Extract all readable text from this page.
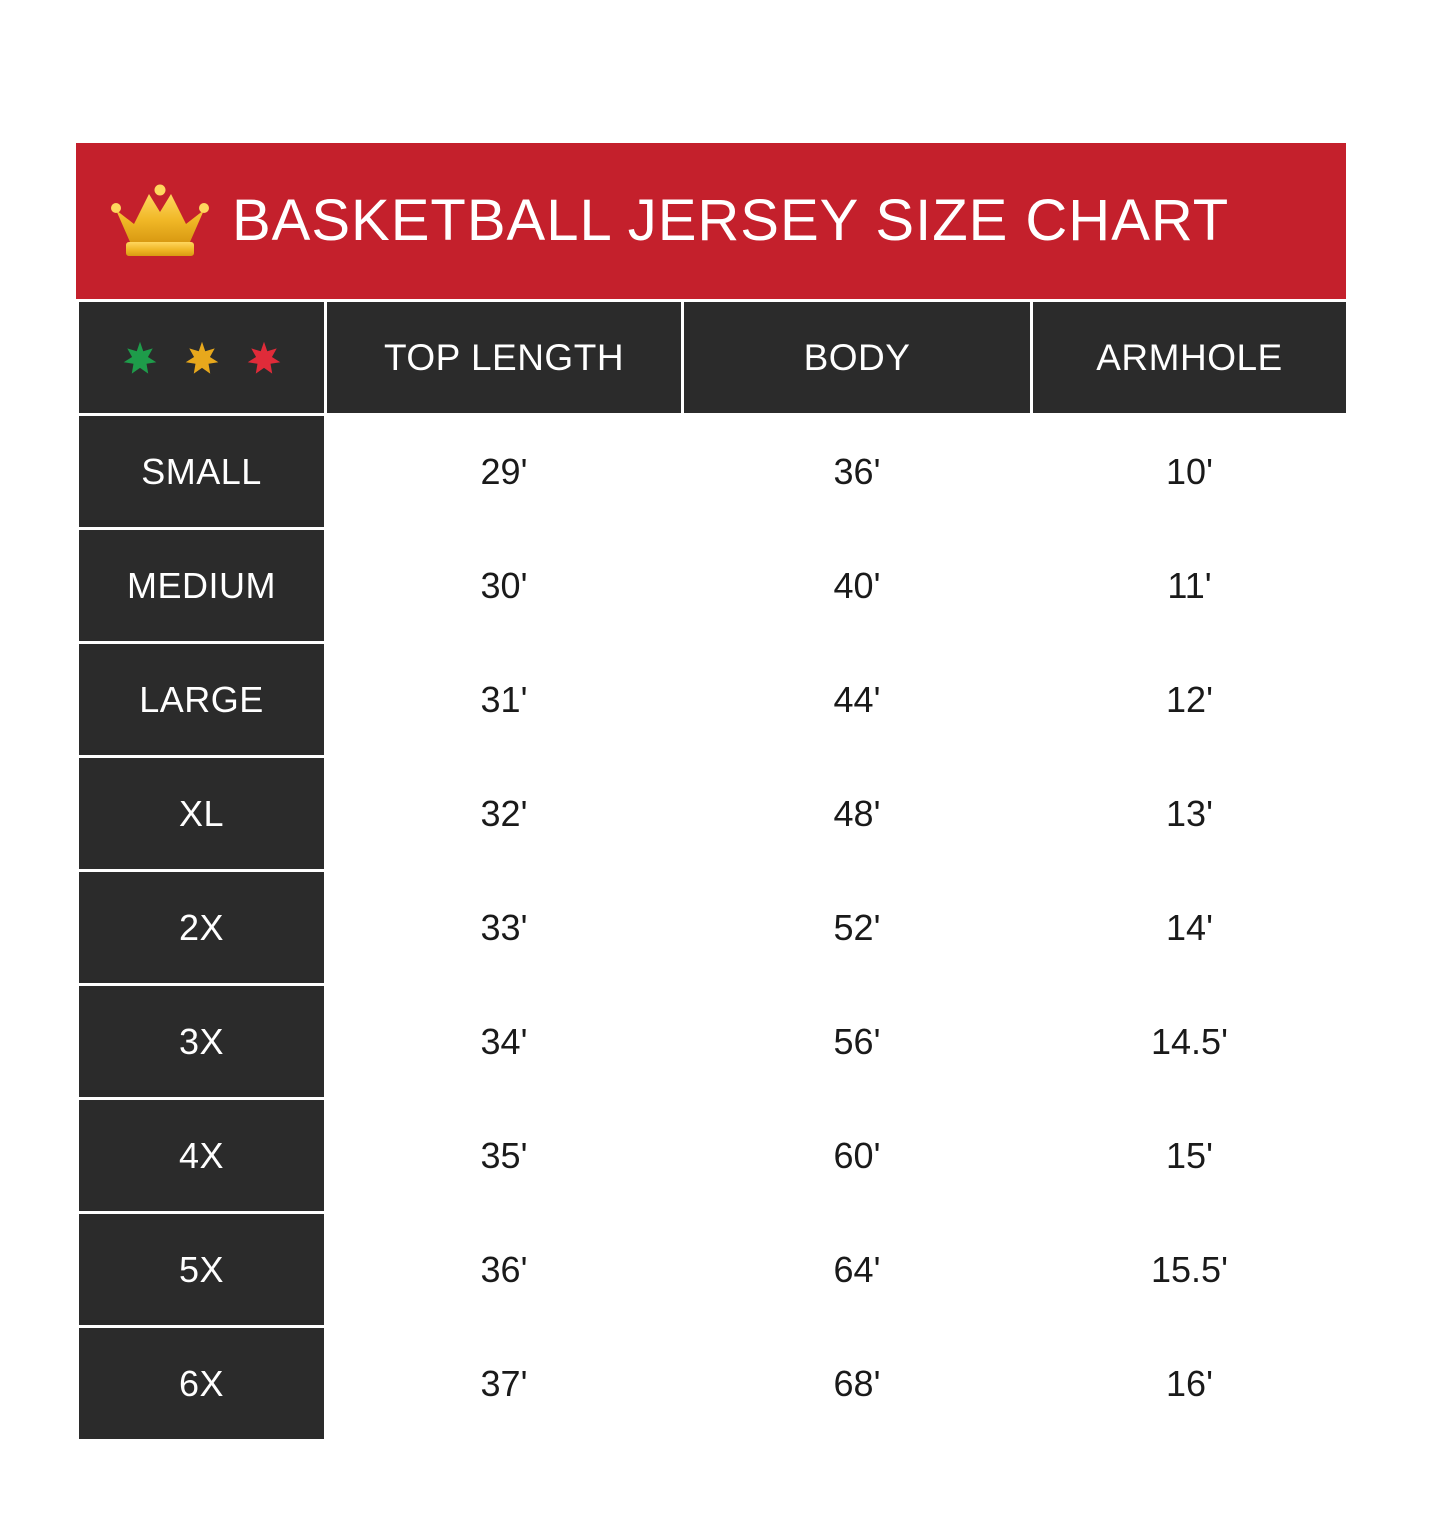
BASKETBALL JERSEY SIZE CHART
	TOP LENGTH	BODY	ARMHOLE
SMALL	29'	36'	10'
MEDIUM	30'	40'	11'
LARGE	31'	44'	12'
XL	32'	48'	13'
2X	33'	52'	14'
3X	34'	56'	14.5'
4X	35'	60'	15'
5X	36'	64'	15.5'
6X	37'	68'	16'
